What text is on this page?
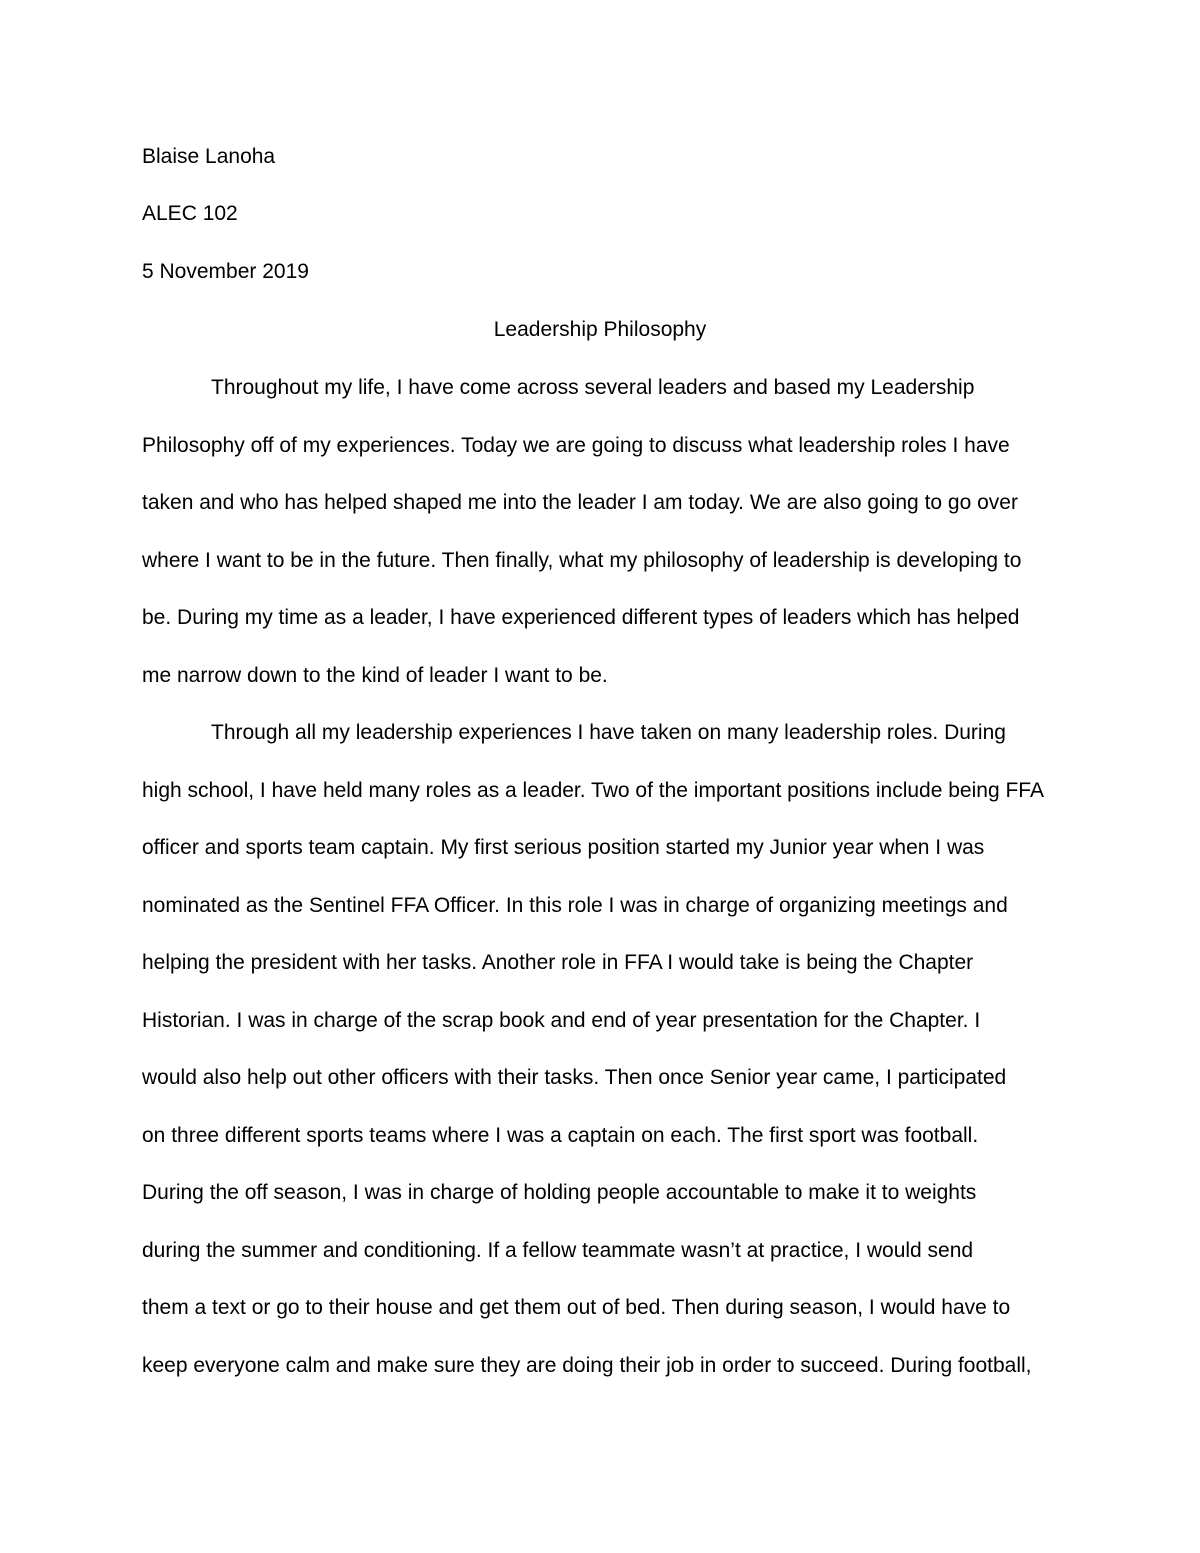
Blaise Lanoha
ALEC 102
5 November 2019
Leadership Philosophy
Throughout my life, I have come across several leaders and based my Leadership
Philosophy off of my experiences. Today we are going to discuss what leadership roles I have
taken and who has helped shaped me into the leader I am today. We are also going to go over
where I want to be in the future. Then finally, what my philosophy of leadership is developing to
be. During my time as a leader, I have experienced different types of leaders which has helped
me narrow down to the kind of leader I want to be.
Through all my leadership experiences I have taken on many leadership roles. During
high school, I have held many roles as a leader. Two of the important positions include being FFA
officer and sports team captain. My first serious position started my Junior year when I was
nominated as the Sentinel FFA Officer. In this role I was in charge of organizing meetings and
helping the president with her tasks. Another role in FFA I would take is being the Chapter
Historian. I was in charge of the scrap book and end of year presentation for the Chapter. I
would also help out other officers with their tasks. Then once Senior year came, I participated
on three different sports teams where I was a captain on each. The first sport was football.
During the off season, I was in charge of holding people accountable to make it to weights
during the summer and conditioning. If a fellow teammate wasn’t at practice, I would send
them a text or go to their house and get them out of bed. Then during season, I would have to
keep everyone calm and make sure they are doing their job in order to succeed. During football,
